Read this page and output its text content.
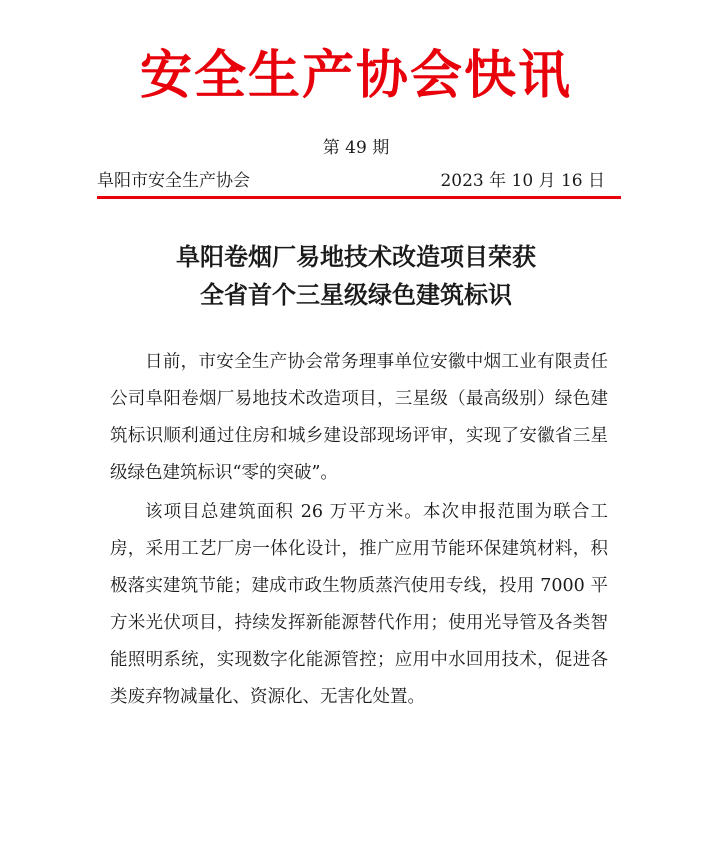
安全生产协会快讯
第 49 期
阜阳市安全生产协会	2023 年 10 月 16 日
阜阳卷烟厂易地技术改造项目荣获
全省首个三星级绿色建筑标识

日前，市安全生产协会常务理事单位安徽中烟工业有限责任公司阜阳卷烟厂易地技术改造项目，三星级（最高级别）绿色建筑标识顺利通过住房和城乡建设部现场评审，实现了安徽省三星级绿色建筑标识“零的突破”。

该项目总建筑面积 26 万平方米。本次申报范围为联合工房，采用工艺厂房一体化设计，推广应用节能环保建筑材料，积极落实建筑节能；建成市政生物质蒸汽使用专线，投用 7000 平方米光伏项目，持续发挥新能源替代作用；使用光导管及各类智能照明系统，实现数字化能源管控；应用中水回用技术，促进各类废弃物减量化、资源化、无害化处置。
